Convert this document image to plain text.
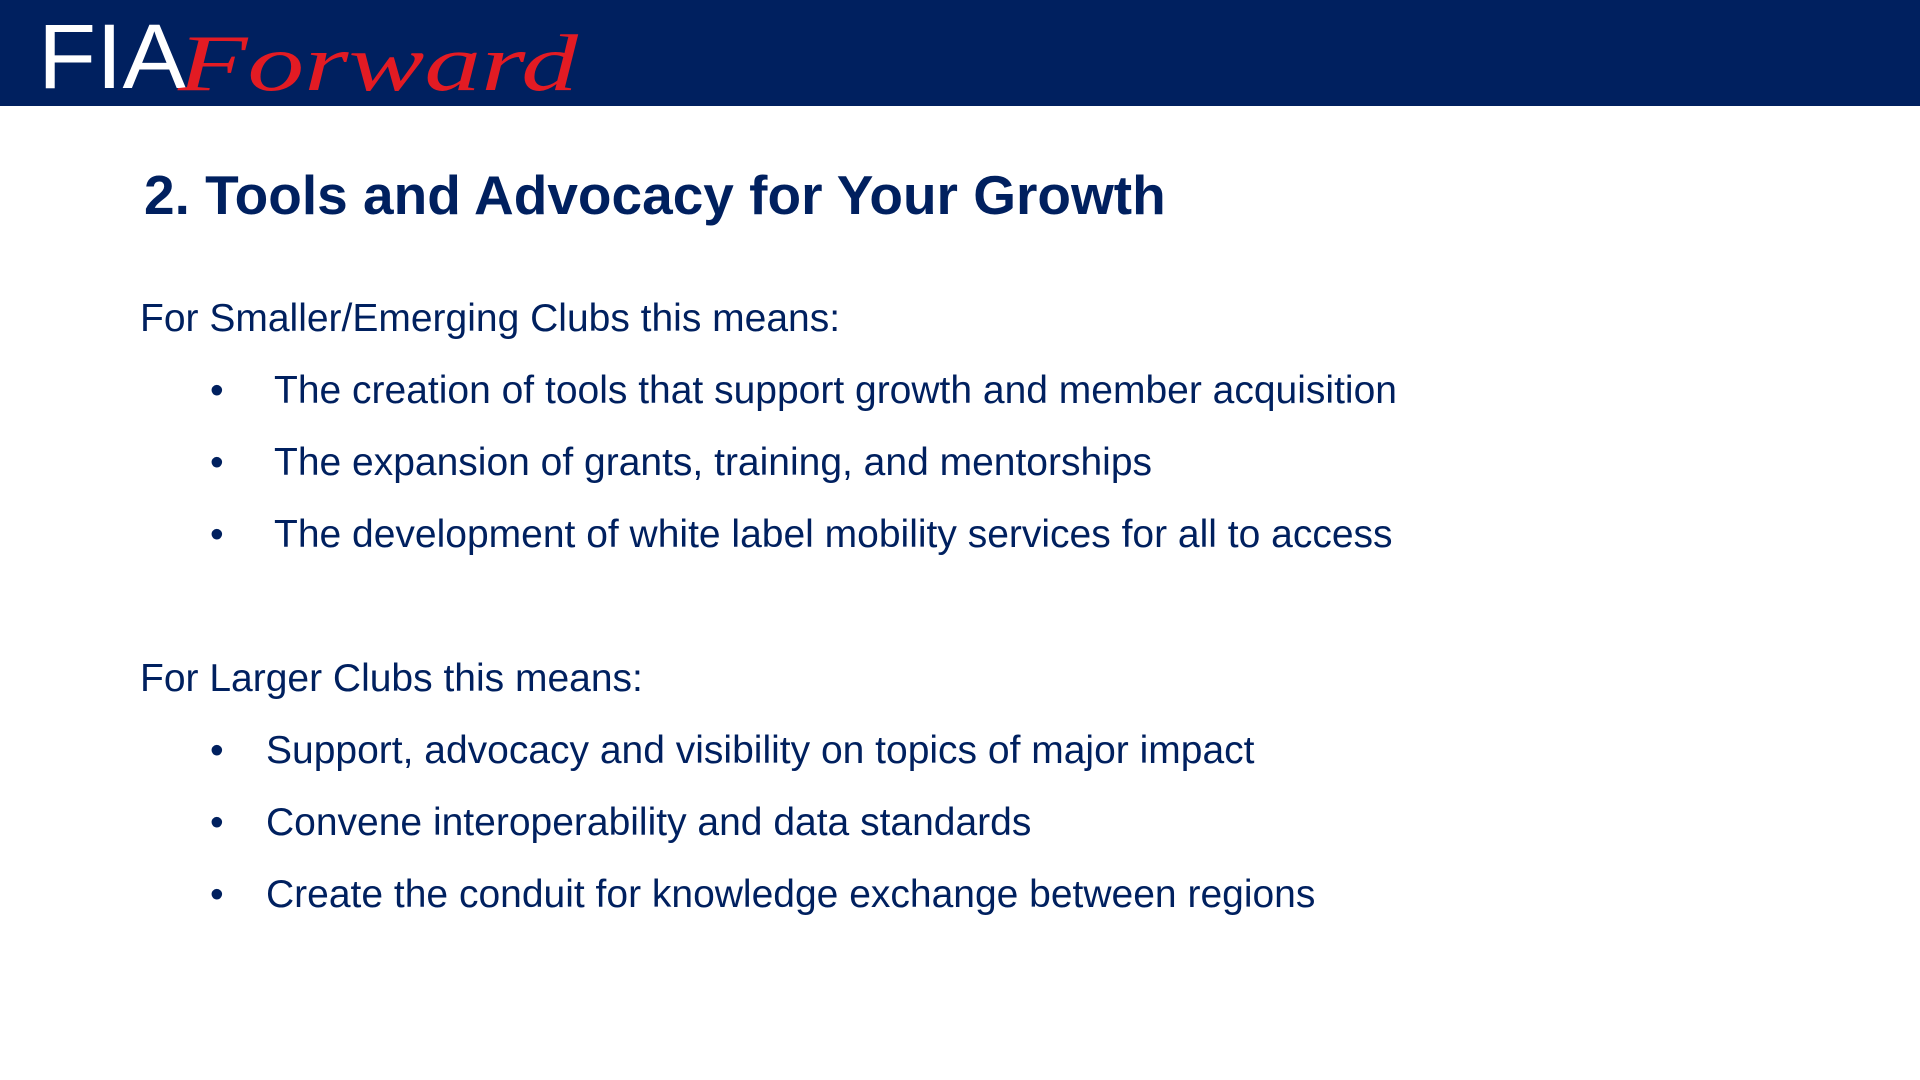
FIA
Forward
2. Tools and Advocacy for Your Growth

For Smaller/Emerging Clubs this means:

• The creation of tools that support growth and member acquisition
• The expansion of grants, training, and mentorships
• The development of white label mobility services for all to access

For Larger Clubs this means:

• Support, advocacy and visibility on topics of major impact
• Convene interoperability and data standards
• Create the conduit for knowledge exchange between regions
